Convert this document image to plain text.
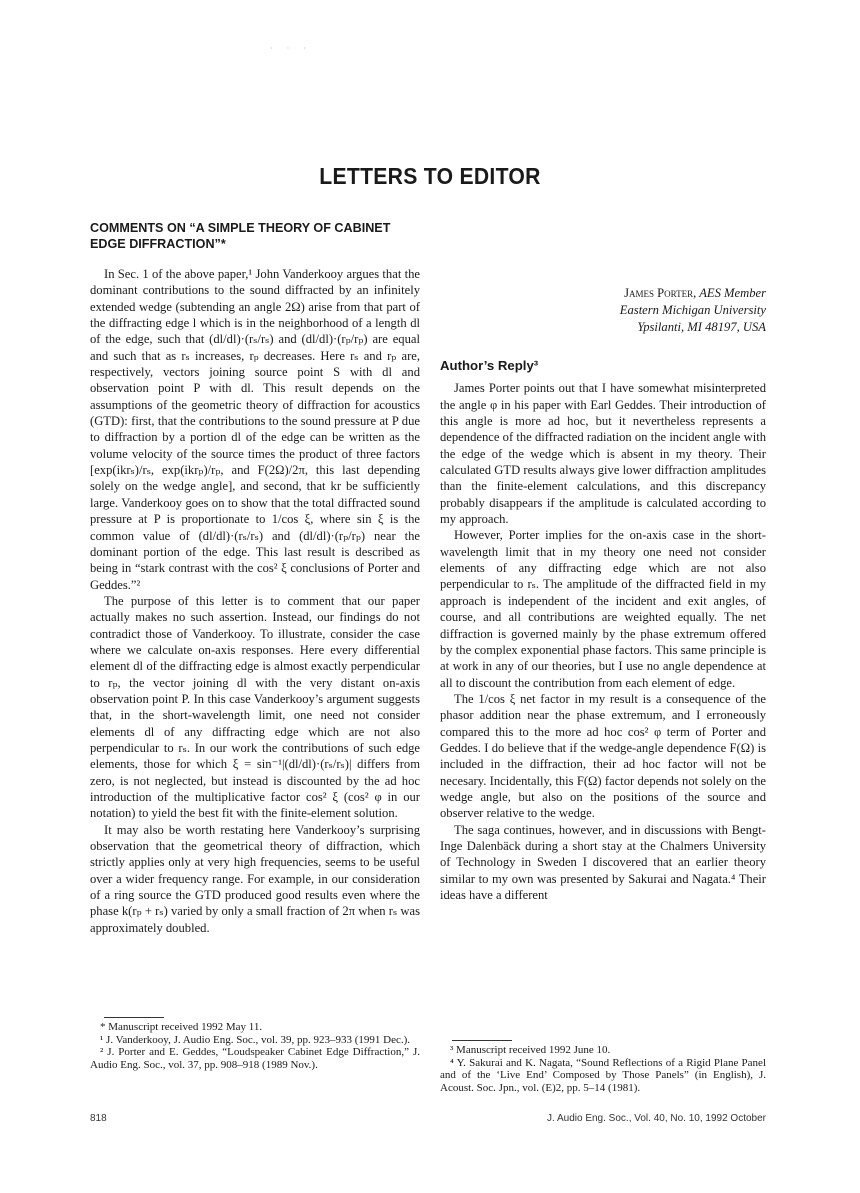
· · ·
LETTERS TO EDITOR
COMMENTS ON “A SIMPLE THEORY OF CABINET EDGE DIFFRACTION”*

In Sec. 1 of the above paper,¹ John Vanderkooy argues that the dominant contributions to the sound diffracted by an infinitely extended wedge (subtending an angle 2Ω) arise from that part of the diffracting edge l which is in the neighborhood of a length dl of the edge, such that (dl/dl)·(rₛ/rₛ) and (dl/dl)·(rₚ/rₚ) are equal and such that as rₛ increases, rₚ decreases. Here rₛ and rₚ are, respectively, vectors joining source point S with dl and observation point P with dl. This result depends on the assumptions of the geometric theory of diffraction for acoustics (GTD): first, that the contributions to the sound pressure at P due to diffraction by a portion dl of the edge can be written as the volume velocity of the source times the product of three factors [exp(ikrₛ)/rₛ, exp(ikrₚ)/rₚ, and F(2Ω)/2π, this last depending solely on the wedge angle], and second, that kr be sufficiently large. Vanderkooy goes on to show that the total diffracted sound pressure at P is proportionate to 1/cos ξ, where sin ξ is the common value of (dl/dl)·(rₛ/rₛ) and (dl/dl)·(rₚ/rₚ) near the dominant portion of the edge. This last result is described as being in “stark contrast with the cos² ξ conclusions of Porter and Geddes.”²

The purpose of this letter is to comment that our paper actually makes no such assertion. Instead, our findings do not contradict those of Vanderkooy. To illustrate, consider the case where we calculate on-axis responses. Here every differential element dl of the diffracting edge is almost exactly perpendicular to rₚ, the vector joining dl with the very distant on-axis observation point P. In this case Vanderkooy’s argument suggests that, in the short-wavelength limit, one need not consider elements dl of any diffracting edge which are not also perpendicular to rₛ. In our work the contributions of such edge elements, those for which ξ = sin⁻¹|(dl/dl)·(rₛ/rₛ)| differs from zero, is not neglected, but instead is discounted by the ad hoc introduction of the multiplicative factor cos² ξ (cos² φ in our notation) to yield the best fit with the finite-element solution.

It may also be worth restating here Vanderkooy’s surprising observation that the geometrical theory of diffraction, which strictly applies only at very high frequencies, seems to be useful over a wider frequency range. For example, in our consideration of a ring source the GTD produced good results even where the phase k(rₚ + rₛ) varied by only a small fraction of 2π when rₛ was approximately doubled.

James Porter, AES Member
Eastern Michigan University
Ypsilanti, MI 48197, USA
Author’s Reply³

James Porter points out that I have somewhat misinterpreted the angle φ in his paper with Earl Geddes. Their introduction of this angle is more ad hoc, but it nevertheless represents a dependence of the diffracted radiation on the incident angle with the edge of the wedge which is absent in my theory. Their calculated GTD results always give lower diffraction amplitudes than the finite-element calculations, and this discrepancy probably disappears if the amplitude is calculated according to my approach.

However, Porter implies for the on-axis case in the short-wavelength limit that in my theory one need not consider elements of any diffracting edge which are not also perpendicular to rₛ. The amplitude of the diffracted field in my approach is independent of the incident and exit angles, of course, and all contributions are weighted equally. The net diffraction is governed mainly by the phase extremum offered by the complex exponential phase factors. This same principle is at work in any of our theories, but I use no angle dependence at all to discount the contribution from each element of edge.

The 1/cos ξ net factor in my result is a consequence of the phasor addition near the phase extremum, and I erroneously compared this to the more ad hoc cos² φ term of Porter and Geddes. I do believe that if the wedge-angle dependence F(Ω) is included in the diffraction, their ad hoc factor will not be necesary. Incidentally, this F(Ω) factor depends not solely on the wedge angle, but also on the positions of the source and observer relative to the wedge.

The saga continues, however, and in discussions with Bengt-Inge Dalenbäck during a short stay at the Chalmers University of Technology in Sweden I discovered that an earlier theory similar to my own was presented by Sakurai and Nagata.⁴ Their ideas have a different

* Manuscript received 1992 May 11.

¹ J. Vanderkooy, J. Audio Eng. Soc., vol. 39, pp. 923–933 (1991 Dec.).

² J. Porter and E. Geddes, “Loudspeaker Cabinet Edge Diffraction,” J. Audio Eng. Soc., vol. 37, pp. 908–918 (1989 Nov.).

³ Manuscript received 1992 June 10.

⁴ Y. Sakurai and K. Nagata, “Sound Reflections of a Rigid Plane Panel and of the ‘Live End’ Composed by Those Panels” (in English), J. Acoust. Soc. Jpn., vol. (E)2, pp. 5–14 (1981).

818	J. Audio Eng. Soc., Vol. 40, No. 10, 1992 October
